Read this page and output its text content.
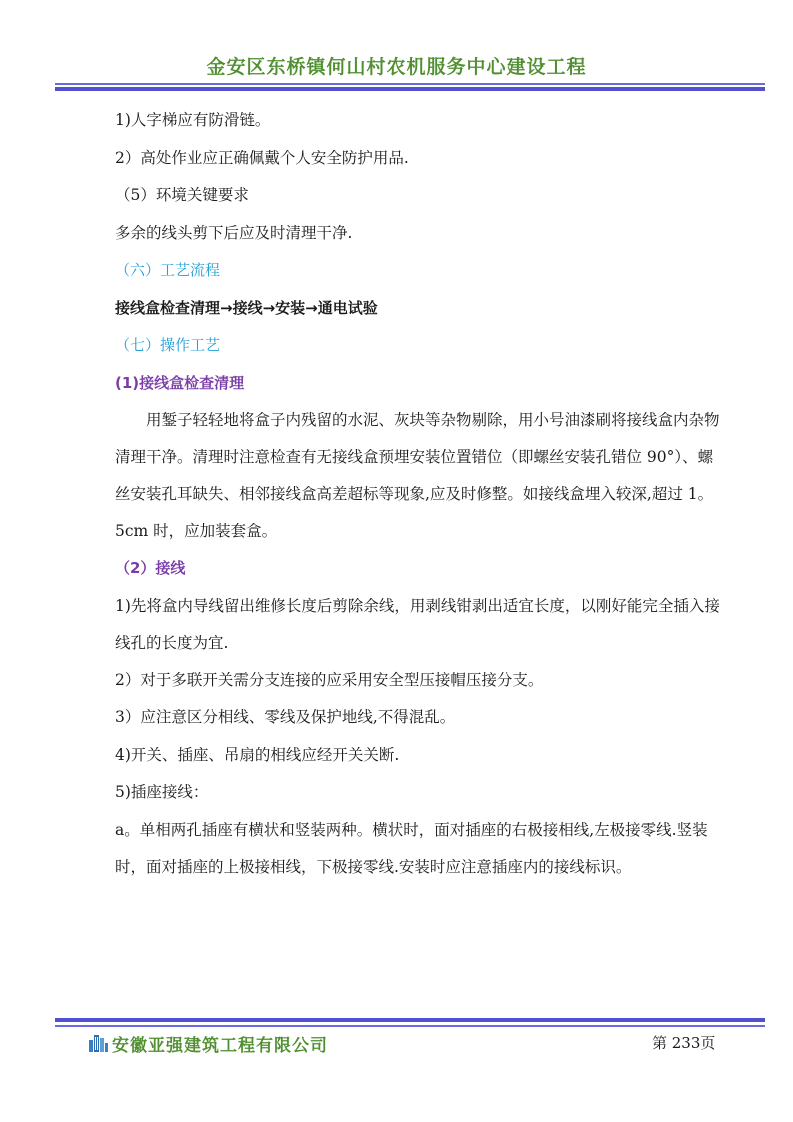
金安区东桥镇何山村农机服务中心建设工程

1)人字梯应有防滑链。

2）高处作业应正确佩戴个人安全防护用品.

（5）环境关键要求

多余的线头剪下后应及时清理干净.

（六）工艺流程

接线盒检查清理→接线→安装→通电试验

（七）操作工艺

(1)接线盒检查清理

用錾子轻轻地将盒子内残留的水泥、灰块等杂物剔除，用小号油漆刷将接线盒内杂物清理干净。清理时注意检查有无接线盒预埋安装位置错位（即螺丝安装孔错位 90°）、螺丝安装孔耳缺失、相邻接线盒高差超标等现象,应及时修整。如接线盒埋入较深,超过 1。5cm 时，应加装套盒。

（2）接线

1)先将盒内导线留出维修长度后剪除余线，用剥线钳剥出适宜长度，以刚好能完全插入接线孔的长度为宜.

2）对于多联开关需分支连接的应采用安全型压接帽压接分支。

3）应注意区分相线、零线及保护地线,不得混乱。

4)开关、插座、吊扇的相线应经开关关断.

5)插座接线：

a。单相两孔插座有横状和竖装两种。横状时，面对插座的右极接相线,左极接零线.竖装时，面对插座的上极接相线，下极接零线.安装时应注意插座内的接线标识。

安徽亚强建筑工程有限公司	第 233页
